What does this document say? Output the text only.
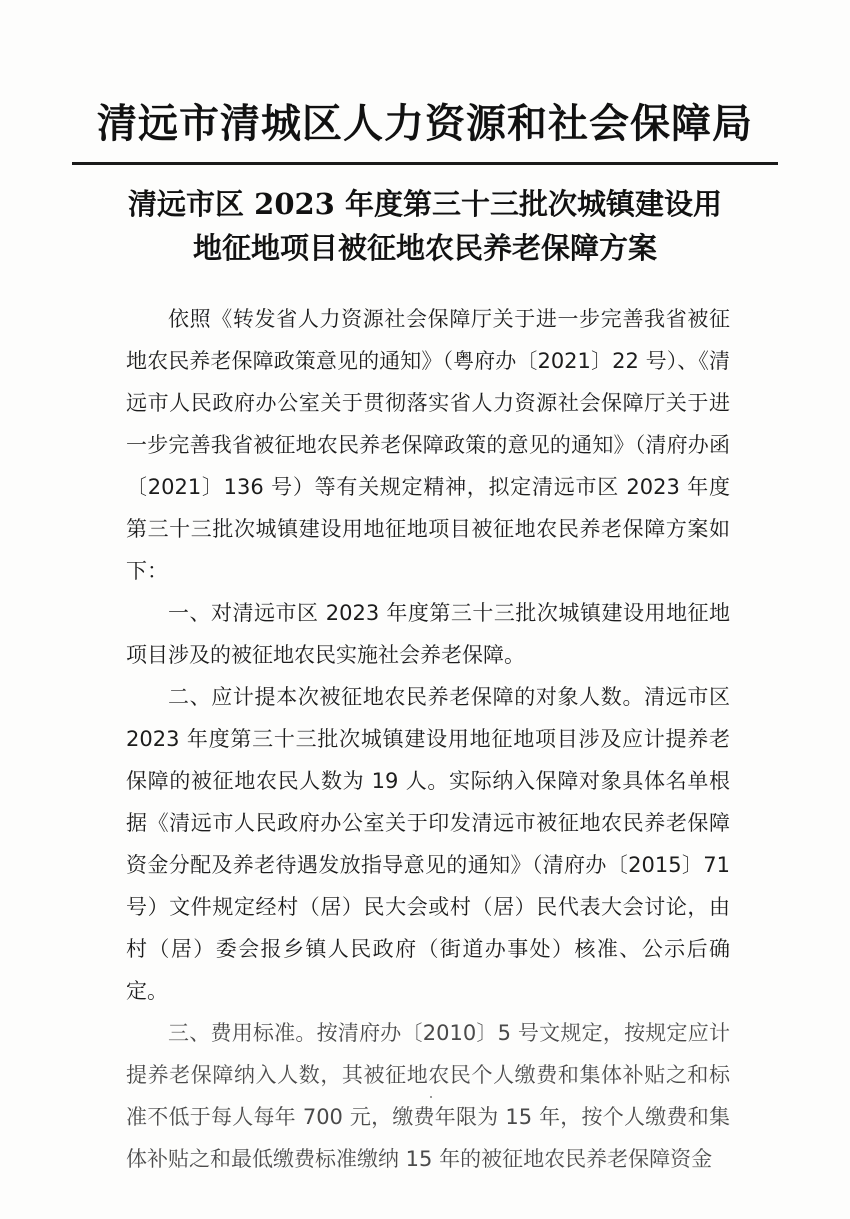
清远市清城区人力资源和社会保障局
清远市区 2023 年度第三十三批次城镇建设用
地征地项目被征地农民养老保障方案

依照《转发省人力资源社会保障厅关于进一步完善我省被征地农民养老保障政策意见的通知》（粤府办〔2021〕22 号）、《清远市人民政府办公室关于贯彻落实省人力资源社会保障厅关于进一步完善我省被征地农民养老保障政策的意见的通知》（清府办函〔2021〕136 号）等有关规定精神，拟定清远市区 2023 年度第三十三批次城镇建设用地征地项目被征地农民养老保障方案如下：

一、对清远市区 2023 年度第三十三批次城镇建设用地征地项目涉及的被征地农民实施社会养老保障。

二、应计提本次被征地农民养老保障的对象人数。清远市区 2023 年度第三十三批次城镇建设用地征地项目涉及应计提养老保障的被征地农民人数为 19 人。实际纳入保障对象具体名单根据《清远市人民政府办公室关于印发清远市被征地农民养老保障资金分配及养老待遇发放指导意见的通知》（清府办〔2015〕71 号）文件规定经村（居）民大会或村（居）民代表大会讨论，由村（居）委会报乡镇人民政府（街道办事处）核准、公示后确定。

三、费用标准。按清府办〔2010〕5 号文规定，按规定应计提养老保障纳入人数，其被征地农民个人缴费和集体补贴之和标准不低于每人每年 700 元，缴费年限为 15 年，按个人缴费和集体补贴之和最低缴费标准缴纳 15 年的被征地农民养老保障资金
